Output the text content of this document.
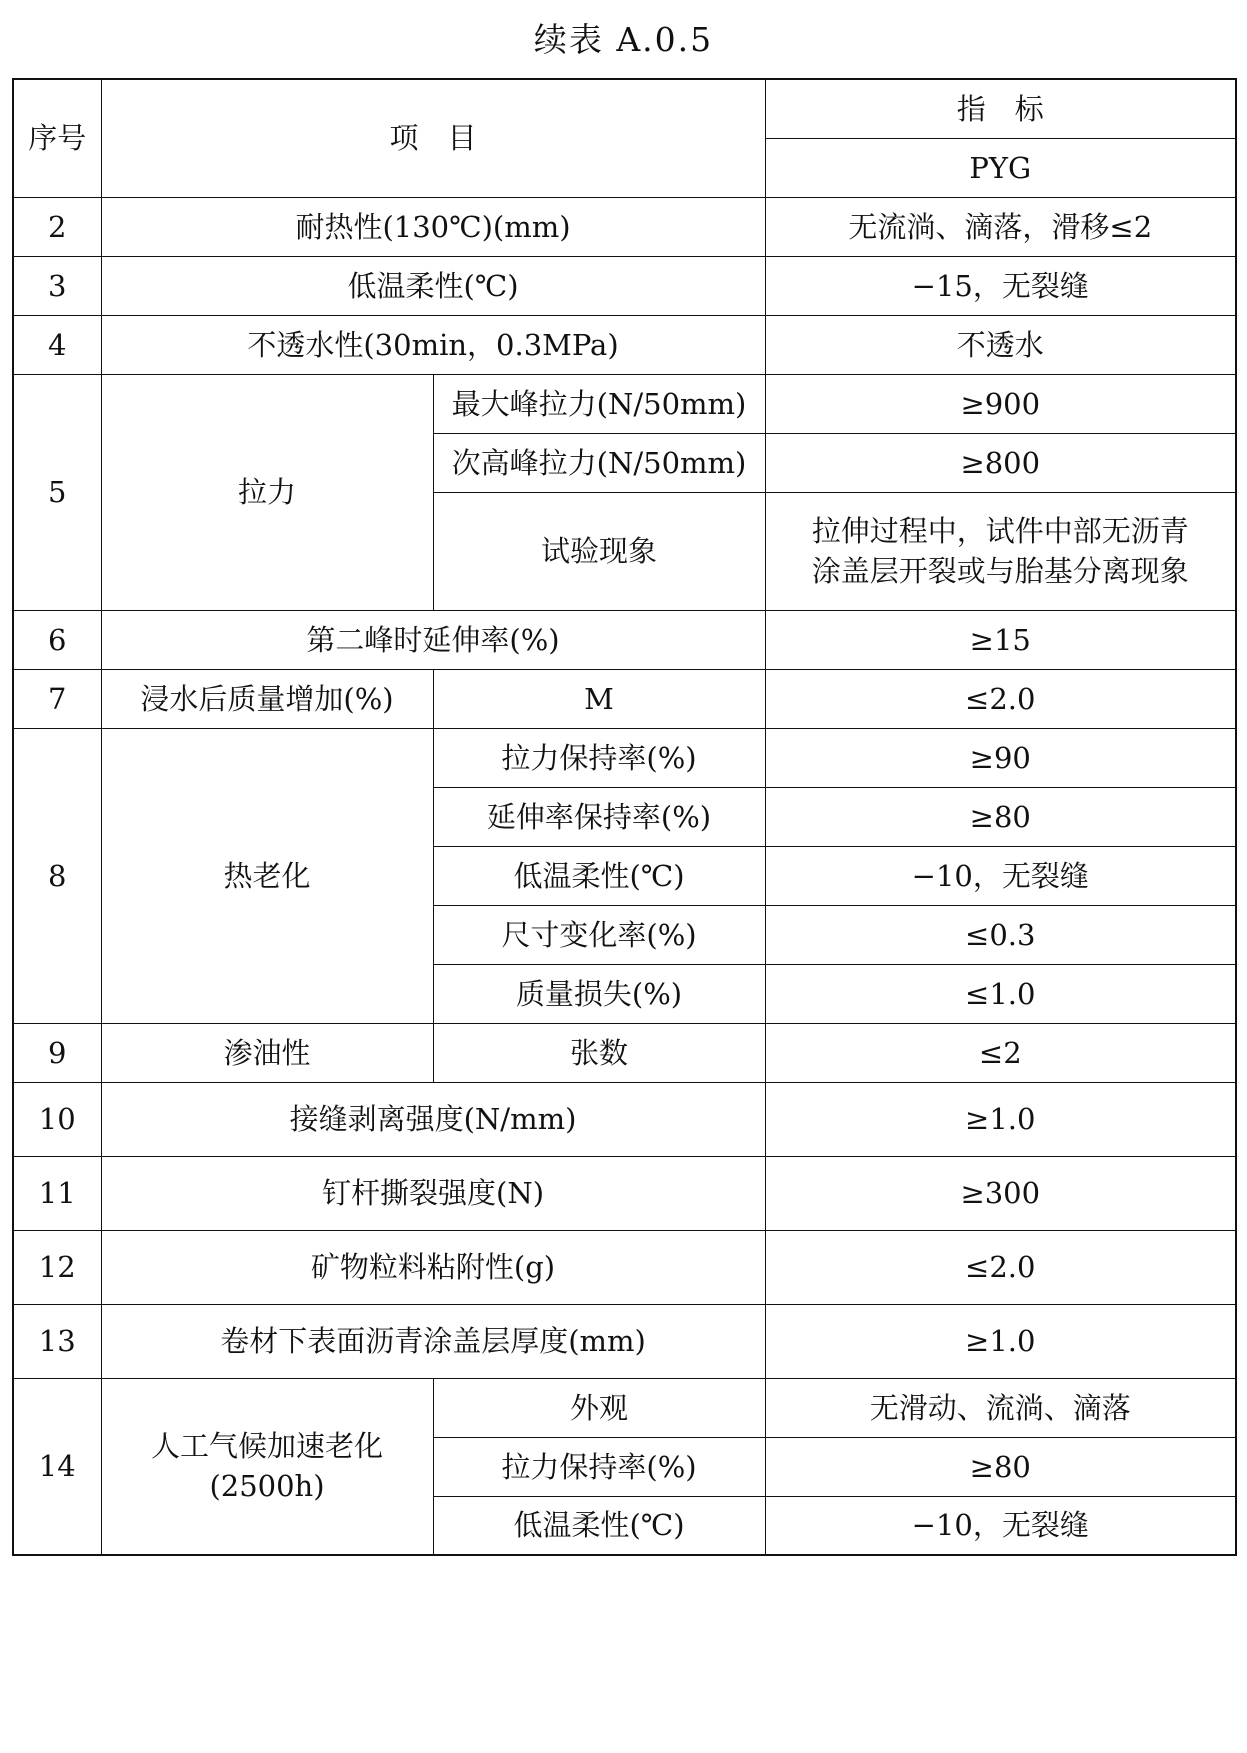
续表 A.0.5
序号	项　目		指　标
			PYG
2	耐热性(130℃)(mm)		无流淌、滴落，滑移≤2
3	低温柔性(℃)		−15，无裂缝
4	不透水性(30min，0.3MPa)		不透水
5	拉力	最大峰拉力(N/50mm)	≥900
		次高峰拉力(N/50mm)	≥800
		试验现象	拉伸过程中，试件中部无沥青
涂盖层开裂或与胎基分离现象

6	第二峰时延伸率(%)		≥15
7	浸水后质量增加(%)	M	≤2.0
8	热老化	拉力保持率(%)	≥90
		延伸率保持率(%)	≥80
		低温柔性(℃)	−10，无裂缝
		尺寸变化率(%)	≤0.3
		质量损失(%)	≤1.0
9	渗油性	张数	≤2
10	接缝剥离强度(N/mm)		≥1.0
11	钉杆撕裂强度(N)		≥300
12	矿物粒料粘附性(g)		≤2.0
13	卷材下表面沥青涂盖层厚度(mm)		≥1.0
14	人工气候加速老化
(2500h)	外观	无滑动、流淌、滴落
		拉力保持率(%)	≥80
		低温柔性(℃)	−10，无裂缝
